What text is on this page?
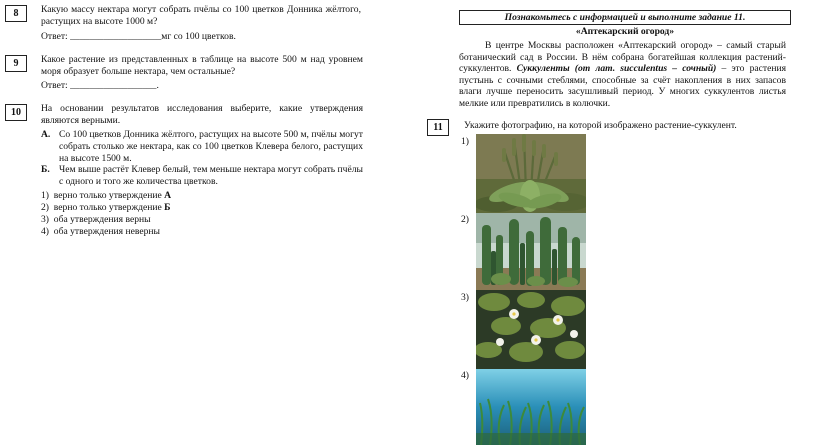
8	Какую массу нектара могут собрать пчёлы со 100 цветков Донника жёлтого, растущих на высоте 1000 м?
Ответ: ___________________мг со 100 цветков.
9	Какое растение из представленных в таблице на высоте 500 м над уровнем моря образует больше нектара, чем остальные?
Ответ: __________________.
10	На основании результатов исследования выберите, какие утверждения являются верными.
А. Со 100 цветков Донника жёлтого, растущих на высоте 500 м, пчёлы могут собрать столько же нектара, как со 100 цветков Клевера белого, растущих на высоте 1500 м.
Б. Чем выше растёт Клевер белый, тем меньше нектара могут собрать пчёлы с одного и того же количества цветков.
1) верно только утверждение А
2) верно только утверждение Б
3) оба утверждения верны
4) оба утверждения неверны
Познакомьтесь с информацией и выполните задание 11.
«Аптекарский огород»
В центре Москвы расположен «Аптекарский огород» – самый старый ботанический сад в России. В нём собрана богатейшая коллекция растений-суккулентов. Суккуленты (от лат. succulentus – сочный) – это растения пустынь с сочными стеблями, способные за счёт накопления в них запасов влаги лучше переносить засушливый период. У многих суккулентов листья мелкие или превратились в колючки.
11	Укажите фотографию, на которой изображено растение-суккулент.
1)
2)
3)
4)
